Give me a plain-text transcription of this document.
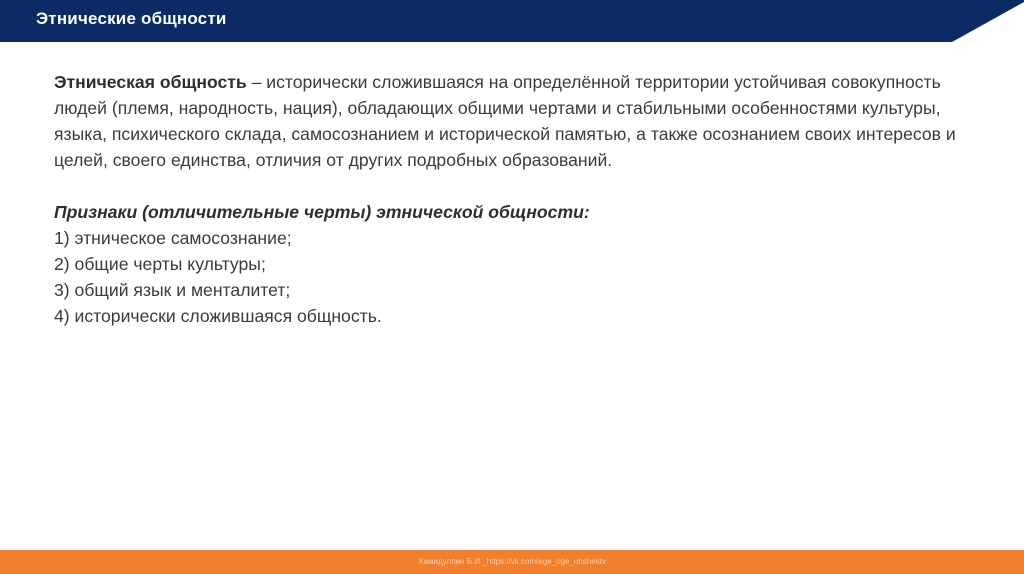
Этнические общности

Этническая общность – исторически сложившаяся на определённой территории устойчивая совокупность людей (племя, народность, нация), обладающих общими чертами и стабильными особенностями культуры, языка, психического склада, самосознанием и исторической памятью, а также осознанием своих интересов и целей, своего единства, отличия от других подробных образований.

Признаки (отличительные черты) этнической общности:

1) этническое самосознание;
2) общие черты культуры;
3) общий язык и менталитет;
4) исторически сложившаяся общность.
Хамидуллин Б.И._https://vk.com/ege_oge_obshestv
